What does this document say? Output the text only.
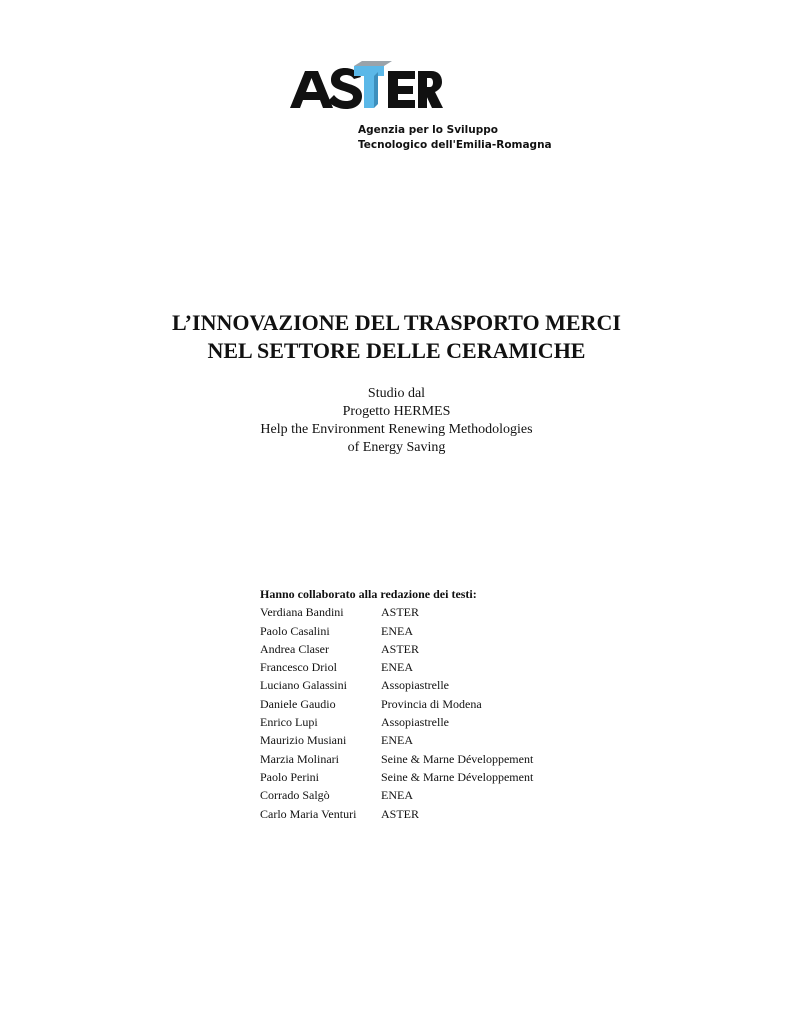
Agenzia per lo Sviluppo
Tecnologico dell'Emilia-Romagna
L’INNOVAZIONE DEL TRASPORTO MERCI
NEL SETTORE DELLE CERAMICHE
Studio dal
Progetto HERMES
Help the Environment Renewing Methodologies
of Energy Saving
Hanno collaborato alla redazione dei testi:
Verdiana Bandini	ASTER
Paolo Casalini	ENEA
Andrea Claser	ASTER
Francesco Driol	ENEA
Luciano Galassini	Assopiastrelle
Daniele Gaudio	Provincia di Modena
Enrico Lupi	Assopiastrelle
Maurizio Musiani	ENEA
Marzia Molinari	Seine & Marne Développement
Paolo Perini	Seine & Marne Développement
Corrado Salgò	ENEA
Carlo Maria Venturi	ASTER
